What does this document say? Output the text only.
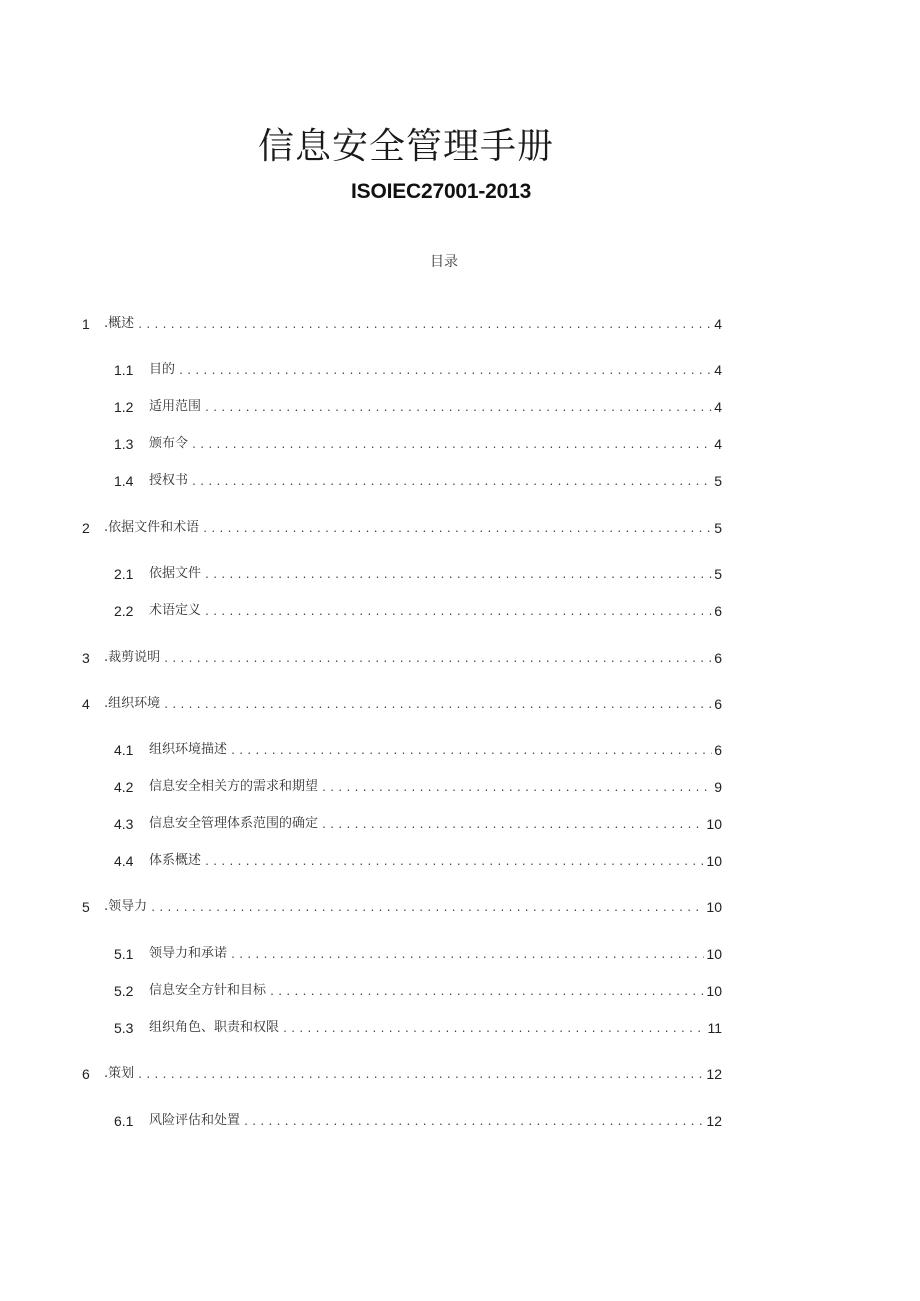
信息安全管理手册
ISOIEC27001-2013
目录
1	.概述 .....	4
1.1	目的 .....	4
1.2	适用范围 .....	4
1.3	颁布令 .....	4
1.4	授权书 .....	5
2	.依据文件和术语 .....	5
2.1	依据文件 .....	5
2.2	术语定义 .....	6
3	.裁剪说明 .....	6
4	.组织环境 .....	6
4.1	组织环境描述 .....	6
4.2	信息安全相关方的需求和期望 .....	9
4.3	信息安全管理体系范围的确定 .....	10
4.4	体系概述 .....	10
5	.领导力 .....	10
5.1	领导力和承诺 .....	10
5.2	信息安全方针和目标 .....	10
5.3	组织角色、职责和权限 .....	11
6	.策划 .....	12
6.1	风险评估和处置 .....	12
